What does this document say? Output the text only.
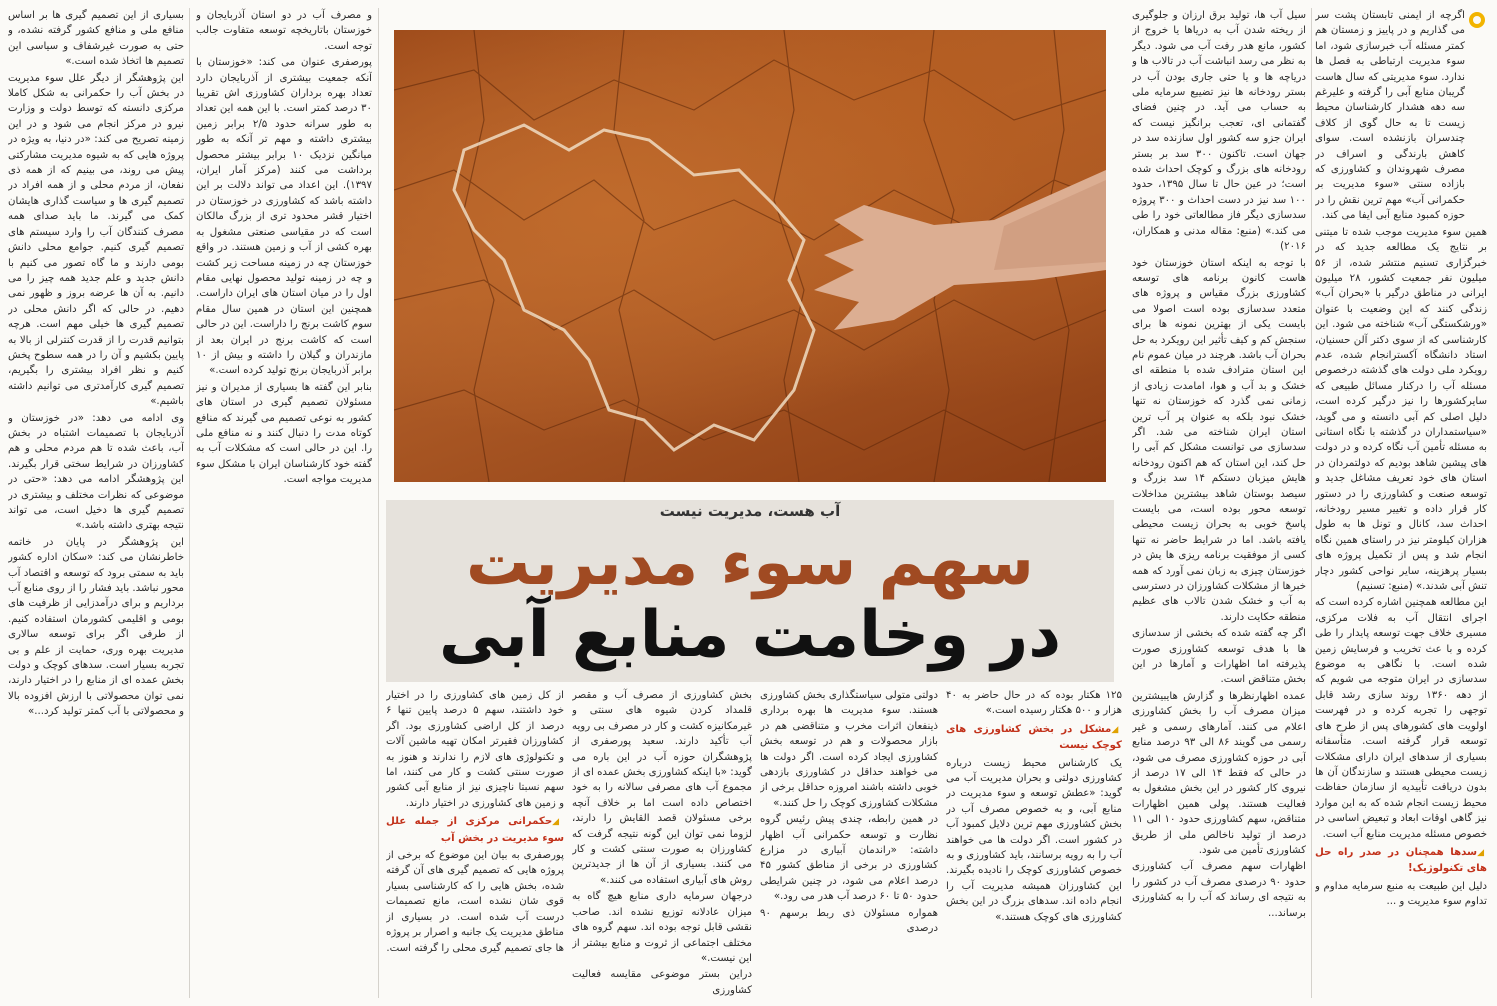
اگرچه از ایمنی تابستان پشت سر می گذاریم و در پاییز و زمستان هم کمتر مسئله آب خبرسازی شود، اما سوء مدیریت ارتباطی به فصل ها ندارد. سوء مدیریتی که سال هاست گریبان منابع آبی را گرفته و علیرغم سه دهه هشدار کارشناسان محیط زیست تا به حال گوی از کلاف چندسران بازنشده است. سوای کاهش بارندگی و اسراف در مصرف شهروندان و کشاورزی که بازاده سنتی «سوء مدیریت بر حکمرانی آب» مهم ترین نقش را در حوزه کمبود منابع آبی ایفا می کند.

همین سوء مدیریت موجب شده تا میتنی بر نتایج یک مطالعه جدید که در خبرگزاری تسنیم منتشر شده، از ۵۶ میلیون نفر جمعیت کشور، ۲۸ میلیون ایرانی در مناطق درگیر با «بحران آب» زندگی کنند که این وضعیت با عنوان «ورشکستگی آب» شناخته می شود. این کارشناسی که از سوی دکتر آلن حسنیان، استاد دانشگاه آکسترانجام شده، عدم رویکرد ملی دولت های گذشته درخصوص مسئله آب را درکنار مسائل طبیعی که سایرکشورها را نیز درگیر کرده است، دلیل اصلی کم آبی دانسته و می گوید، «سیاستمداران در گذشته با نگاه استانی به مسئله تأمین آب نگاه کرده و در دولت های پیشین شاهد بودیم که دولتمردان در استان های خود تعریف مشاغل جدید و توسعه صنعت و کشاورزی را در دستور کار قرار داده و تغییر مسیر رودخانه، احداث سد، کانال و تونل ها به طول هزاران کیلومتر نیز در راستای همین نگاه انجام شد و پس از تکمیل پروژه های بسیار پرهزینه، سایر نواحی کشور دچار تنش آبی شدند.» (منبع: تسنیم)

این مطالعه همچنین اشاره کرده است که اجرای انتقال آب به فلات مرکزی، مسیری خلاف جهت توسعه پایدار را طی کرده و با عث تخریب و فرسایش زمین شده است. با نگاهی به موضوع سدسازی در ایران متوجه می شویم که از دهه ۱۳۶۰ روند سازی رشد قابل توجهی را تجربه کرده و در فهرست اولویت های کشورهای پس از طرح های توسعه قرار گرفته است. متأسفانه بسیاری از سدهای ایران دارای مشکلات زیست محیطی هستند و سازندگان آن ها بدون دریافت تأییدیه از سازمان حفاظت محیط زیست انجام شده که به این موارد نیز گاهی اوقات ابعاد و تبعیض اساسی در خصوص مسئله مدیریت منابع آب است.

◢ سدها همچنان در صدر راه حل های تکنولوژیک!

دلیل این طبیعت به منبع سرمایه مداوم و تداوم سوء مدیریت و ...

سیل آب ها، تولید برق ارزان و جلوگیری از ریخته شدن آب به دریاها یا خروج از کشور، مانع هدر رفت آب می شود. دیگر به نظر می رسد انباشت آب در تالاب ها و دریاچه ها و یا حتی جاری بودن آب در بستر رودخانه ها نیز تضییع سرمایه ملی به حساب می آید. در چنین فضای گفتمانی ای، تعجب برانگیز نیست که ایران جزو سه کشور اول سازنده سد در جهان است. تاکنون ۳۰۰ سد بر بستر رودخانه های بزرگ و کوچک احداث شده است؛ در عین حال تا سال ۱۳۹۵، حدود ۱۰۰ سد نیز در دست احداث و ۳۰۰ پروژه سدسازی دیگر فاز مطالعاتی خود را طی می کند.» (منبع: مقاله مدنی و همکاران، ۲۰۱۶)

با توجه به اینکه استان خوزستان خود هاست کانون برنامه های توسعه کشاورزی بزرگ مقیاس و پروژه های متعدد سدسازی بوده است اصولا می بایست یکی از بهترین نمونه ها برای سنجش کم و کیف تأثیر این رویکرد به حل بحران آب باشد. هرچند در میان عموم نام این استان مترادف شده با منطقه ای خشک و بد آب و هوا، امامدت زیادی از زمانی نمی گذرد که خوزستان نه تنها خشک نبود بلکه به عنوان پر آب ترین استان ایران شناخته می شد. اگر سدسازی می توانست مشکل کم آبی را حل کند، این استان که هم اکنون رودخانه هایش میزبان دستکم ۱۴ سد بزرگ و سیصد بوستان شاهد بیشترین مداخلات توسعه محور بوده است، می بایست پاسخ خوبی به بحران زیست محیطی یافته باشد. اما در شرایط حاضر نه تنها کسی از موفقیت برنامه ریزی ها یش در خوزستان چیزی به زبان نمی آورد که همه خبرها از مشکلات کشاورزان در دسترسی به آب و خشک شدن تالاب های عظیم منطقه حکایت دارند.

اگر چه گفته شده که بخشی از سدسازی ها با هدف توسعه کشاورزی صورت پذیرفته اما اظهارات و آمارها در این بخش متناقض است.

عمده اظهارنظرها و گزارش هایبیشترین میزان مصرف آب را بخش کشاورزی اعلام می کنند. آمارهای رسمی و غیر رسمی می گویند ۸۶ الی ۹۳ درصد منابع آبی در حوزه کشاورزی مصرف می شود، در حالی که فقط ۱۴ الی ۱۷ درصد از نیروی کار کشور در این بخش مشغول به فعالیت هستند. پولی همین اظهارات متناقض، سهم کشاورزی حدود ۱۰ الی ۱۱ درصد از تولید ناخالص ملی از طریق کشاورزی تأمین می شود.

اظهارات سهم مصرف آب کشاورزی حدود ۹۰ درصدی مصرف آب در کشور را به نتیجه ای رساند که آب را به کشاورزی برساند...

آب هست، مدیریت نیست
سهم سوء مدیریت
در وخامت منابع آبی

۱۲۵ هکتار بوده که در حال حاضر به ۴۰ هزار و ۵۰۰ هکتار رسیده است.»

◢ مشکل در بخش کشاورزی های کوچک نیست

یک کارشناس محیط زیست درباره کشاورزی دولتی و بحران مدیریت آب می گوید: «عطش توسعه و سوء مدیریت در منابع آبی، و به خصوص مصرف آب در بخش کشاورزی مهم ترین دلایل کمبود آب در کشور است. اگر دولت ها می خواهند آب را به رویه برسانند، باید کشاورزی و به خصوص کشاورزی کوچک را نادیده بگیرند. این کشاورزان همیشه مدیریت آب را انجام داده اند. سدهای بزرگ در این بخش کشاورزی های کوچک هستند.»

دولتی متولی سیاستگذاری بخش کشاورزی هستند. سوء مدیریت ها بهره برداری ذینفعان اثرات مخرب و متناقضی هم در بازار محصولات و هم در توسعه بخش کشاورزی ایجاد کرده است. اگر دولت ها می خواهند حداقل در کشاورزی بازدهی خوبی داشته باشند امروزه حداقل برخی از مشکلات کشاورزی کوچک را حل کنند.»

در همین رابطه، چندی پیش رئیس گروه نظارت و توسعه حکمرانی آب اظهار داشته: «راندمان آبیاری در مزارع کشاورزی در برخی از مناطق کشور ۴۵ درصد اعلام می شود، در چنین شرایطی حدود ۵۰ تا ۶۰ درصد آب هدر می رود.»

همواره مسئولان ذی ربط برسهم ۹۰ درصدی

بخش کشاورزی از مصرف آب و مقصر قلمداد کردن شیوه های سنتی و غیرمکانیزه کشت و کار در مصرف بی رویه آب تأکید دارند. سعید پورصفری از پژوهشگران حوزه آب در این باره می گوید: «با اینکه کشاورزی بخش عمده ای از مجموع آب های مصرفی سالانه را به خود اختصاص داده است اما بر خلاف آنچه برخی مسئولان قصد القایش را دارند، لزوما نمی توان این گونه نتیجه گرفت که کشاورزان به صورت سنتی کشت و کار می کنند. بسیاری از آن ها از جدیدترین روش های آبیاری استفاده می کنند.»

درجهان سرمایه داری منابع هیچ گاه به میزان عادلانه توزیع نشده اند. صاحب نقشی قابل توجه بوده اند. سهم گروه های مختلف اجتماعی از ثروت و منابع بیشتر از این نیست.»

دراین بستر موضوعی مقایسه فعالیت کشاورزی

از کل زمین های کشاورزی را در اختیار خود داشتند، سهم ۵ درصد پایین تنها ۶ درصد از کل اراضی کشاورزی بود. اگر کشاورزان فقیرتر امکان تهیه ماشین آلات و تکنولوژی های لازم را ندارند و هنوز به صورت سنتی کشت و کار می کنند، اما سهم نسبتا ناچیزی نیز از منابع آبی کشور و زمین های کشاورزی در اختیار دارند.

◢ حکمرانی مرکزی از جمله علل سوء مدیریت در بخش آب

پورصفری به بیان این موضوع که برخی از پروژه هایی که تصمیم گیری های آن گرفته شده، بخش هایی را که کارشناسی بسیار قوی شان نشده است، مانع تصمیمات درست آب شده است. در بسیاری از مناطق مدیریت یک جانبه و اصرار بر پروژه ها جای تصمیم گیری محلی را گرفته است.

و مصرف آب در دو استان آذربایجان و خوزستان باتاریخچه توسعه متفاوت جالب توجه است.

پورصفری عنوان می کند: «خوزستان با آنکه جمعیت بیشتری از آذربایجان دارد تعداد بهره برداران کشاورزی اش تقریبا ۳۰ درصد کمتر است. با این همه این تعداد به طور سرانه حدود ۲/۵ برابر زمین بیشتری داشته و مهم تر آنکه به طور میانگین نزدیک ۱۰ برابر بیشتر محصول برداشت می کنند (مرکز آمار ایران، ۱۳۹۷). این اعداد می تواند دلالت بر این داشته باشد که کشاورزی در خوزستان در اختیار قشر محدود تری از بزرگ مالکان است که در مقیاسی صنعتی مشغول به بهره کشی از آب و زمین هستند. در واقع خوزستان چه در زمینه مساحت زیر کشت و چه در زمینه تولید محصول نهایی مقام اول را در میان استان های ایران داراست. همچنین این استان در همین سال مقام سوم کاشت برنج را داراست. این در حالی است که کاشت برنج در ایران بعد از مازندران و گیلان را داشته و بیش از ۱۰ برابر آذربایجان برنج تولید کرده است.»

بنابر این گفته ها بسیاری از مدیران و نیز مسئولان تصمیم گیری در استان های کشور به نوعی تصمیم می گیرند که منافع کوتاه مدت را دنبال کنند و نه منافع ملی را. این در حالی است که مشکلات آب به گفته خود کارشناسان ایران با مشکل سوء مدیریت مواجه است.

بسیاری از این تصمیم گیری ها بر اساس منافع ملی و منافع کشور گرفته نشده، و حتی به صورت غیرشفاف و سیاسی این تصمیم ها اتخاذ شده است.»

این پژوهشگر از دیگر علل سوء مدیریت در بخش آب را حکمرانی به شکل کاملا مرکزی دانسته که توسط دولت و وزارت نیرو در مرکز انجام می شود و در این زمینه تصریح می کند: «در دنیا، به ویژه در پروژه هایی که به شیوه مدیریت مشارکتی پیش می روند، می بینیم که از همه ذی نفعان، از مردم محلی و از همه افراد در تصمیم گیری ها و سیاست گذاری هایشان کمک می گیرند. ما باید صدای همه مصرف کنندگان آب را وارد سیستم های تصمیم گیری کنیم. جوامع محلی دانش بومی دارند و ما گاه تصور می کنیم با دانش جدید و علم جدید همه چیز را می دانیم. به آن ها عرضه بروز و ظهور نمی دهیم. در حالی که اگر دانش محلی در تصمیم گیری ها خیلی مهم است. هرچه بتوانیم قدرت را از قدرت کنترلی از بالا به پایین بکشیم و آن را در همه سطوح پخش کنیم و نظر افراد بیشتری را بگیریم، تصمیم گیری کارآمدتری می توانیم داشته باشیم.»

وی ادامه می دهد: «در خوزستان و آذربایجان با تصمیمات اشتباه در بخش آب، باعث شده تا هم مردم محلی و هم کشاورزان در شرایط سختی قرار بگیرند. این پژوهشگر ادامه می دهد: «حتی در موضوعی که نظرات مختلف و بیشتری در تصمیم گیری ها دخیل است، می تواند نتیجه بهتری داشته باشد.»

این پژوهشگر در پایان در خاتمه خاطرنشان می کند: «سکان اداره کشور باید به سمتی برود که توسعه و اقتصاد آب محور نباشد. باید فشار را از روی منابع آب برداریم و برای درآمدزایی از ظرفیت های بومی و اقلیمی کشورمان استفاده کنیم. از طرفی اگر برای توسعه سالاری مدیریت بهره وری، حمایت از علم و بی تجربه بسیار است. سدهای کوچک و دولت بخش عمده ای از منابع را در اختیار دارند، نمی توان محصولاتی با ارزش افزوده بالا و محصولاتی با آب کمتر تولید کرد...»
